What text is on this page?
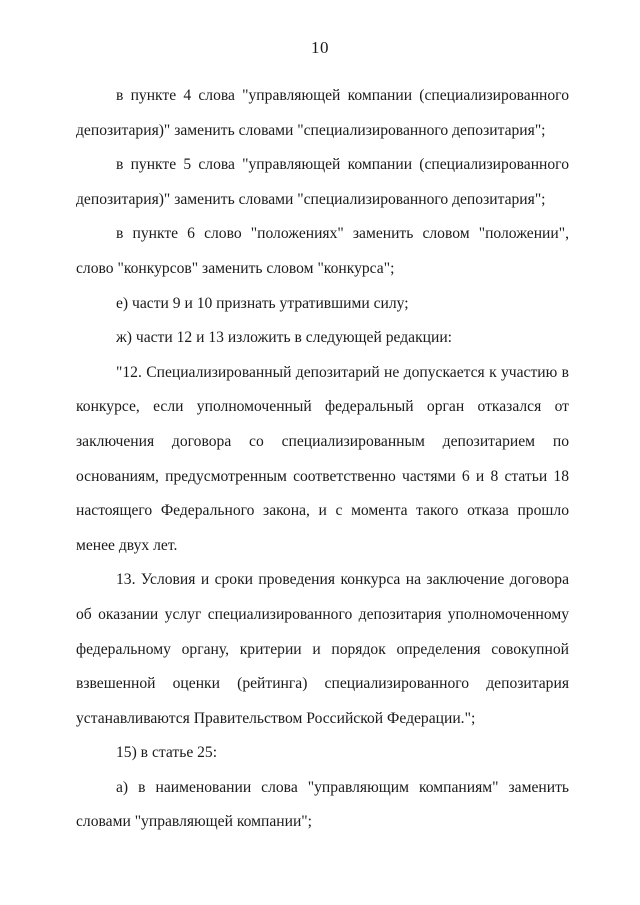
10

в пункте 4 слова "управляющей компании (специализированного депозитария)" заменить словами "специализированного депозитария";

в пункте 5 слова "управляющей компании (специализированного депозитария)" заменить словами "специализированного депозитария";

в пункте 6 слово "положениях" заменить словом "положении", слово "конкурсов" заменить словом "конкурса";

е) части 9 и 10 признать утратившими силу;

ж) части 12 и 13 изложить в следующей редакции:

"12. Специализированный депозитарий не допускается к участию в конкурсе, если уполномоченный федеральный орган отказался от заключения договора со специализированным депозитарием по основаниям, предусмотренным соответственно частями 6 и 8 статьи 18 настоящего Федерального закона, и с момента такого отказа прошло менее двух лет.

13. Условия и сроки проведения конкурса на заключение договора об оказании услуг специализированного депозитария уполномоченному федеральному органу, критерии и порядок определения совокупной взвешенной оценки (рейтинга) специализированного депозитария устанавливаются Правительством Российской Федерации.";

15) в статье 25:

а) в наименовании слова "управляющим компаниям" заменить словами "управляющей компании";
